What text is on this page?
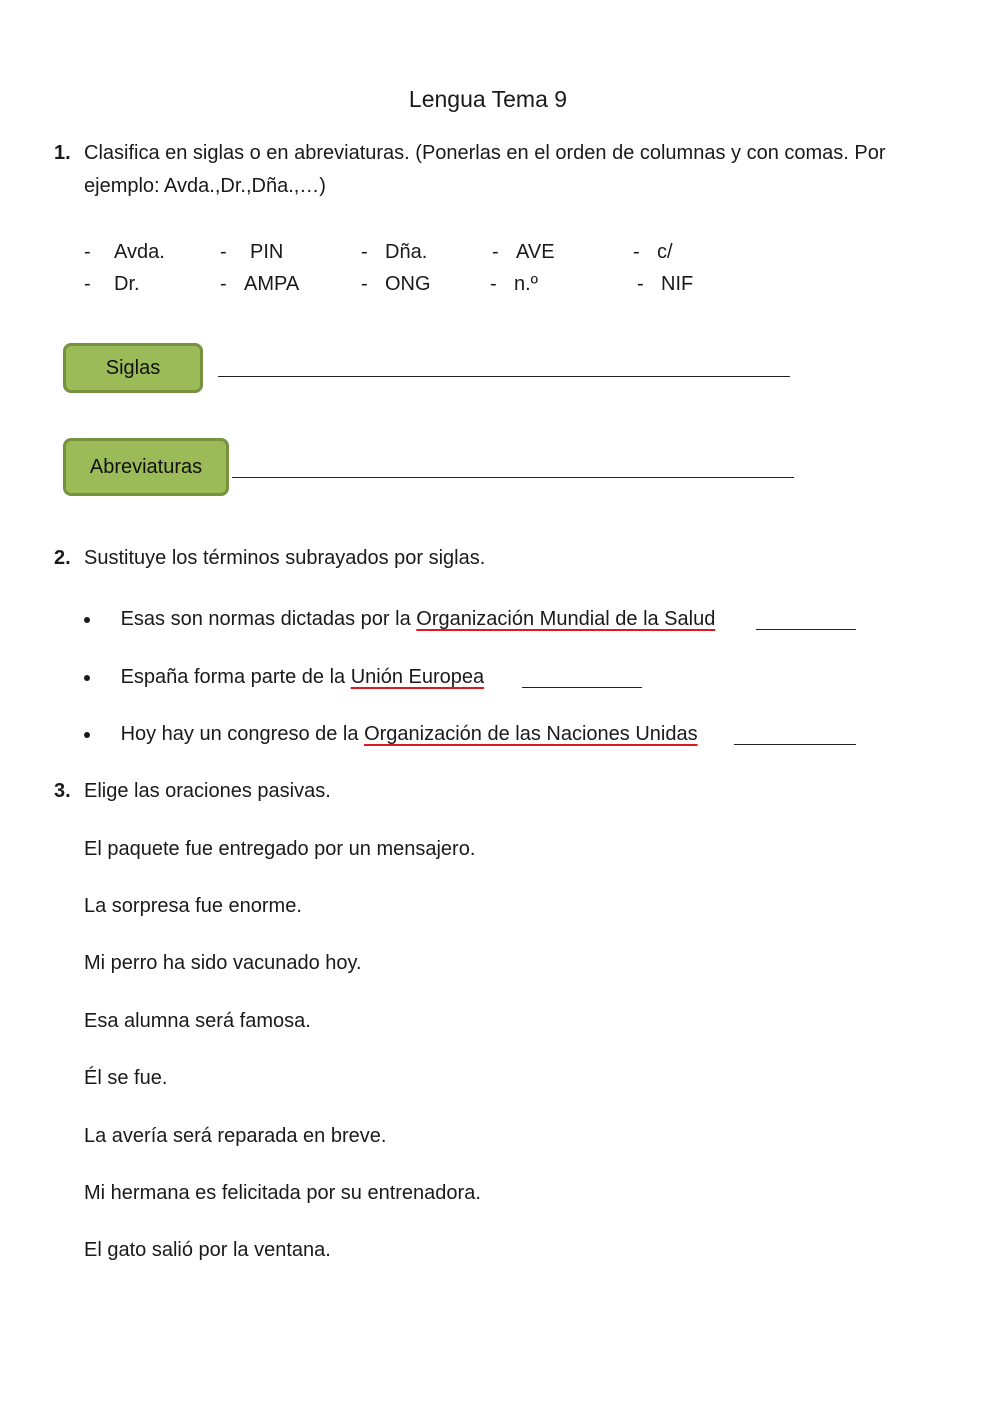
Lengua Tema 9
1. Clasifica en siglas o en abreviaturas. (Ponerlas en el orden de columnas y con comas. Por
ejemplo: Avda.,Dr.,Dña.,…)
- Avda.	- PIN	- Dña.	- AVE	- c/
- Dr.	- AMPA	- ONG	- n.º	- NIF
Siglas
Abreviaturas
2. Sustituye los términos subrayados por siglas.
Esas son normas dictadas por la Organización Mundial de la Salud
España forma parte de la Unión Europea
Hoy hay un congreso de la Organización de las Naciones Unidas
3. Elige las oraciones pasivas.
El paquete fue entregado por un mensajero.
La sorpresa fue enorme.
Mi perro ha sido vacunado hoy.
Esa alumna será famosa.
Él se fue.
La avería será reparada en breve.
Mi hermana es felicitada por su entrenadora.
El gato salió por la ventana.
